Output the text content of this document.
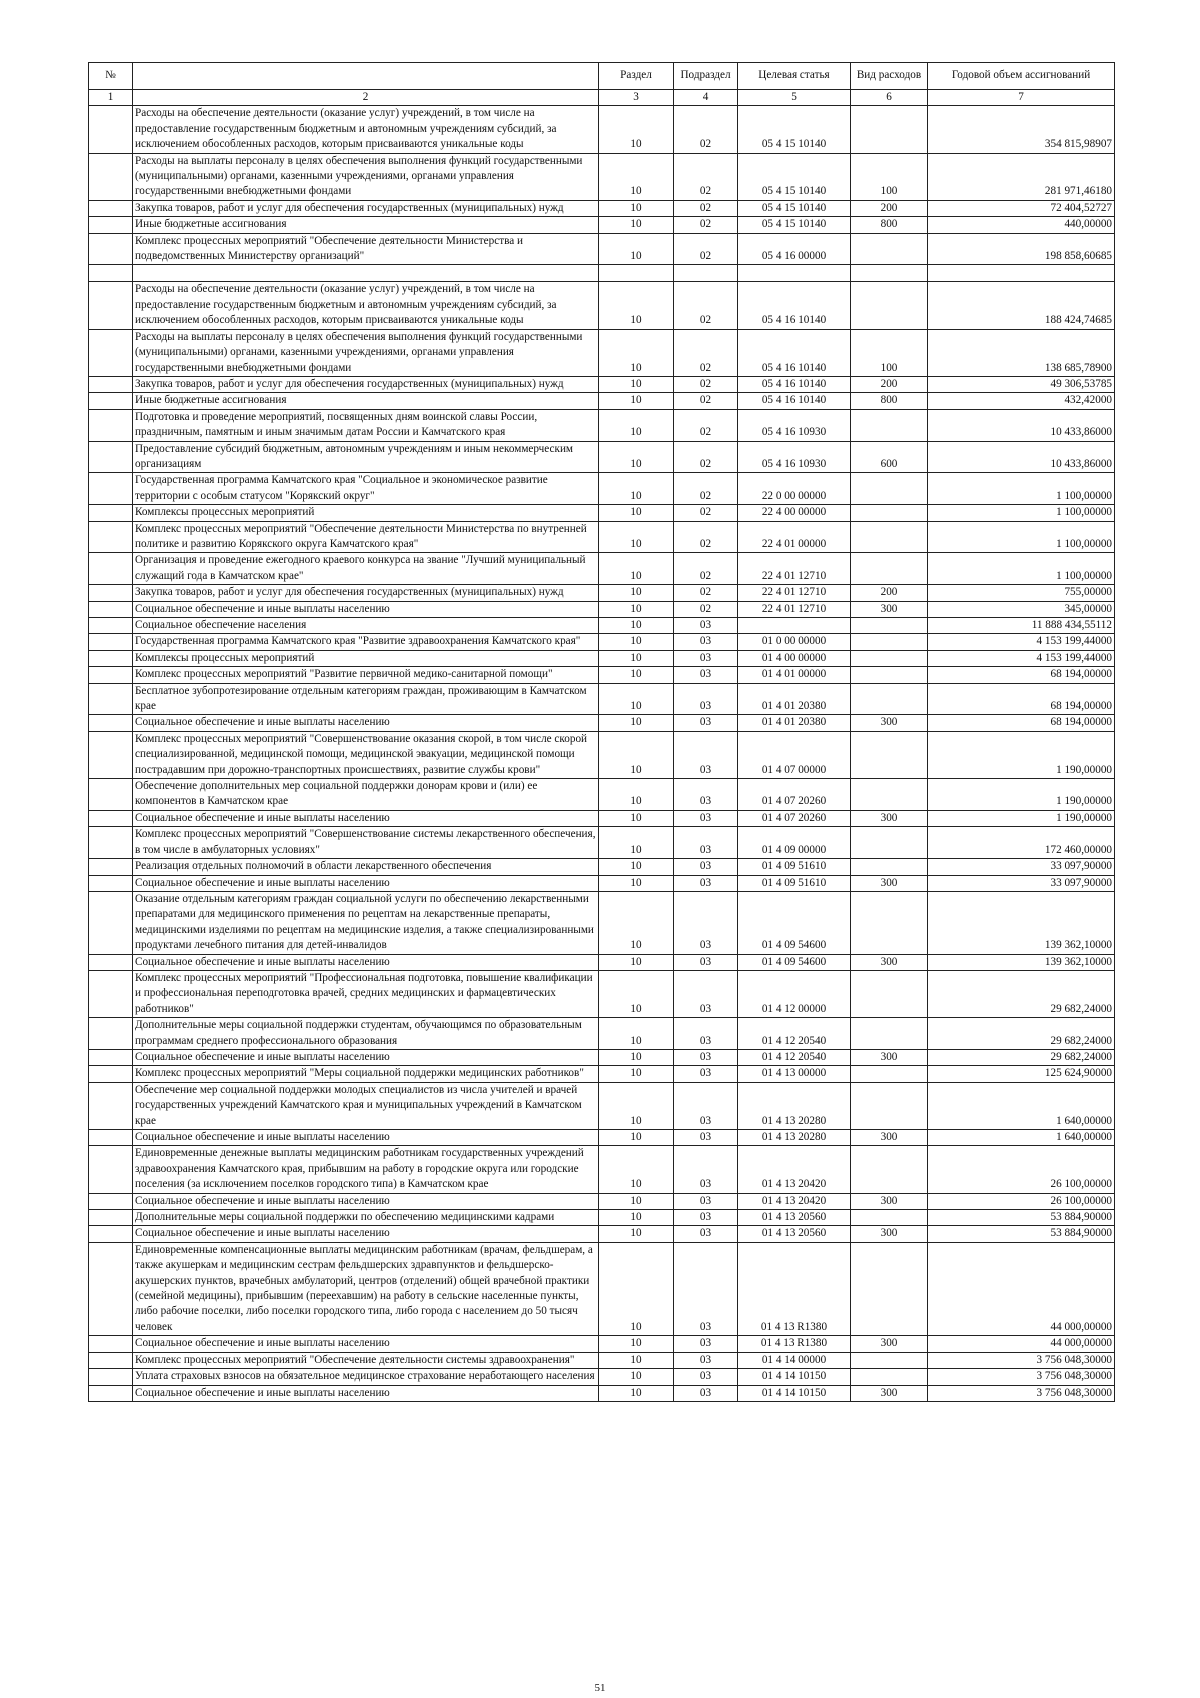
№		Раздел	Подраздел	Целевая статья	Вид расходов	Годовой объем ассигнований
1	2	3	4	5	6	7
	Расходы на обеспечение деятельности (оказание услуг) учреждений, в том числе на предоставление государственным бюджетным и автономным учреждениям субсидий, за исключением обособленных расходов, которым присваиваются уникальные коды	10	02	05 4 15 10140		354 815,98907
	Расходы на выплаты персоналу в целях обеспечения выполнения функций государственными (муниципальными) органами, казенными учреждениями, органами управления государственными внебюджетными фондами	10	02	05 4 15 10140	100	281 971,46180
	Закупка товаров, работ и услуг для обеспечения государственных (муниципальных) нужд	10	02	05 4 15 10140	200	72 404,52727
	Иные бюджетные ассигнования	10	02	05 4 15 10140	800	440,00000
	Комплекс процессных мероприятий "Обеспечение деятельности Министерства и подведомственных Министерству организаций"	10	02	05 4 16 00000		198 858,60685

	Расходы на обеспечение деятельности (оказание услуг) учреждений, в том числе на предоставление государственным бюджетным и автономным учреждениям субсидий, за исключением обособленных расходов, которым присваиваются уникальные коды	10	02	05 4 16 10140		188 424,74685
	Расходы на выплаты персоналу в целях обеспечения выполнения функций государственными (муниципальными) органами, казенными учреждениями, органами управления государственными внебюджетными фондами	10	02	05 4 16 10140	100	138 685,78900
	Закупка товаров, работ и услуг для обеспечения государственных (муниципальных) нужд	10	02	05 4 16 10140	200	49 306,53785
	Иные бюджетные ассигнования	10	02	05 4 16 10140	800	432,42000
	Подготовка и проведение мероприятий, посвященных дням воинской славы России, праздничным, памятным и иным значимым датам России и Камчатского края	10	02	05 4 16 10930		10 433,86000
	Предоставление субсидий бюджетным, автономным учреждениям и иным некоммерческим организациям	10	02	05 4 16 10930	600	10 433,86000
	Государственная программа Камчатского края "Социальное и экономическое развитие территории с особым статусом "Корякский округ"	10	02	22 0 00 00000		1 100,00000
	Комплексы процессных мероприятий	10	02	22 4 00 00000		1 100,00000
	Комплекс процессных мероприятий "Обеспечение деятельности Министерства по внутренней политике и развитию Корякского округа Камчатского края"	10	02	22 4 01 00000		1 100,00000
	Организация и проведение ежегодного краевого конкурса на звание "Лучший муниципальный служащий года в Камчатском крае"	10	02	22 4 01 12710		1 100,00000
	Закупка товаров, работ и услуг для обеспечения государственных (муниципальных) нужд	10	02	22 4 01 12710	200	755,00000
	Социальное обеспечение и иные выплаты населению	10	02	22 4 01 12710	300	345,00000
	Социальное обеспечение населения	10	03			11 888 434,55112
	Государственная программа Камчатского края "Развитие здравоохранения Камчатского края"	10	03	01 0 00 00000		4 153 199,44000
	Комплексы процессных мероприятий	10	03	01 4 00 00000		4 153 199,44000
	Комплекс процессных мероприятий "Развитие первичной медико-санитарной помощи"	10	03	01 4 01 00000		68 194,00000
	Бесплатное зубопротезирование отдельным категориям граждан, проживающим в Камчатском крае	10	03	01 4 01 20380		68 194,00000
	Социальное обеспечение и иные выплаты населению	10	03	01 4 01 20380	300	68 194,00000
	Комплекс процессных мероприятий "Совершенствование оказания скорой, в том числе скорой специализированной, медицинской помощи, медицинской эвакуации, медицинской помощи пострадавшим при дорожно-транспортных происшествиях, развитие службы крови"	10	03	01 4 07 00000		1 190,00000
	Обеспечение дополнительных мер социальной поддержки донорам крови и (или) ее компонентов в Камчатском крае	10	03	01 4 07 20260		1 190,00000
	Социальное обеспечение и иные выплаты населению	10	03	01 4 07 20260	300	1 190,00000
	Комплекс процессных мероприятий "Совершенствование системы лекарственного обеспечения, в том числе в амбулаторных условиях"	10	03	01 4 09 00000		172 460,00000
	Реализация отдельных полномочий в области лекарственного обеспечения	10	03	01 4 09 51610		33 097,90000
	Социальное обеспечение и иные выплаты населению	10	03	01 4 09 51610	300	33 097,90000
	Оказание отдельным категориям граждан социальной услуги по обеспечению лекарственными препаратами для медицинского применения по рецептам на лекарственные препараты, медицинскими изделиями по рецептам на медицинские изделия, а также специализированными продуктами лечебного питания для детей-инвалидов	10	03	01 4 09 54600		139 362,10000
	Социальное обеспечение и иные выплаты населению	10	03	01 4 09 54600	300	139 362,10000
	Комплекс процессных мероприятий "Профессиональная подготовка, повышение квалификации и профессиональная переподготовка врачей, средних медицинских и фармацевтических работников"	10	03	01 4 12 00000		29 682,24000
	Дополнительные меры социальной поддержки студентам, обучающимся по образовательным программам среднего профессионального образования	10	03	01 4 12 20540		29 682,24000
	Социальное обеспечение и иные выплаты населению	10	03	01 4 12 20540	300	29 682,24000
	Комплекс процессных мероприятий "Меры социальной поддержки медицинских работников"	10	03	01 4 13 00000		125 624,90000
	Обеспечение мер социальной поддержки молодых специалистов из числа учителей и врачей государственных учреждений Камчатского края и муниципальных учреждений в Камчатском крае	10	03	01 4 13 20280		1 640,00000
	Социальное обеспечение и иные выплаты населению	10	03	01 4 13 20280	300	1 640,00000
	Единовременные денежные выплаты медицинским работникам государственных учреждений здравоохранения Камчатского края, прибывшим на работу в городские округа или городские поселения (за исключением поселков городского типа) в Камчатском крае	10	03	01 4 13 20420		26 100,00000
	Социальное обеспечение и иные выплаты населению	10	03	01 4 13 20420	300	26 100,00000
	Дополнительные меры социальной поддержки по обеспечению медицинскими кадрами	10	03	01 4 13 20560		53 884,90000
	Социальное обеспечение и иные выплаты населению	10	03	01 4 13 20560	300	53 884,90000
	Единовременные компенсационные выплаты медицинским работникам (врачам, фельдшерам, а также акушеркам и медицинским сестрам фельдшерских здравпунктов и фельдшерско-акушерских пунктов, врачебных амбулаторий, центров (отделений) общей врачебной практики (семейной медицины), прибывшим (переехавшим) на работу в сельские населенные пункты, либо рабочие поселки, либо поселки городского типа, либо города с населением до 50 тысяч человек	10	03	01 4 13 R1380		44 000,00000
	Социальное обеспечение и иные выплаты населению	10	03	01 4 13 R1380	300	44 000,00000
	Комплекс процессных мероприятий "Обеспечение деятельности системы здравоохранения"	10	03	01 4 14 00000		3 756 048,30000
	Уплата страховых взносов на обязательное медицинское страхование неработающего населения	10	03	01 4 14 10150		3 756 048,30000
	Социальное обеспечение и иные выплаты населению	10	03	01 4 14 10150	300	3 756 048,30000
51
